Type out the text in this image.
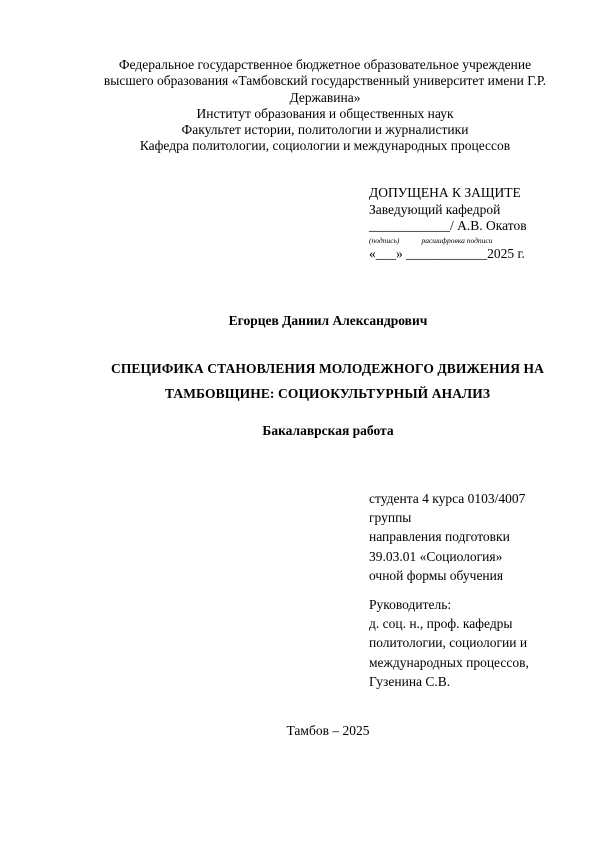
Федеральное государственное бюджетное образовательное учреждение
высшего образования «Тамбовский государственный университет имени Г.Р.
Державина»
Институт образования и общественных наук
Факультет истории, политологии и журналистики
Кафедра политологии, социологии и международных процессов
ДОПУЩЕНА К ЗАЩИТЕ
Заведующий кафедрой
____________/ А.В. Окатов
(подпись)	расшифровка подписи
«___» ____________2025 г.
Егорцев Даниил Александрович
СПЕЦИФИКА СТАНОВЛЕНИЯ МОЛОДЕЖНОГО ДВИЖЕНИЯ НА
ТАМБОВЩИНЕ: СОЦИОКУЛЬТУРНЫЙ АНАЛИЗ
Бакалаврская работа
студента 4 курса 0103/4007
группы
направления подготовки
39.03.01 «Социология»
очной формы обучения
Руководитель:
д. соц. н., проф. кафедры
политологии, социологии и
международных процессов,
Гузенина С.В.
Тамбов – 2025
